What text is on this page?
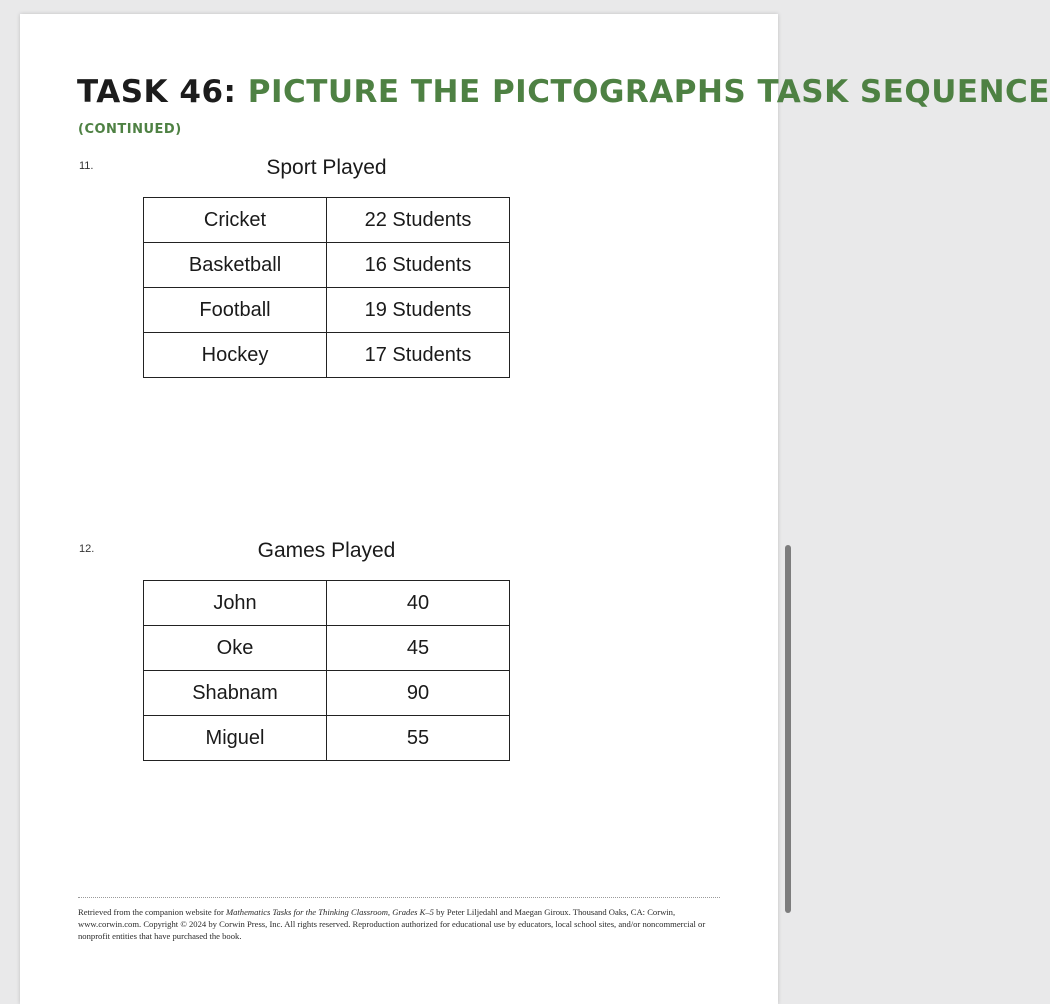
TASK 46: PICTURE THE PICTOGRAPHS TASK SEQUENCE
(CONTINUED)
11.	Sport Played
Cricket	22 Students
Basketball	16 Students
Football	19 Students
Hockey	17 Students
12.	Games Played
John	40
Oke	45
Shabnam	90
Miguel	55
Retrieved from the companion website for Mathematics Tasks for the Thinking Classroom, Grades K–5 by Peter Liljedahl and Maegan Giroux. Thousand Oaks, CA: Corwin, www.corwin.com. Copyright © 2024 by Corwin Press, Inc. All rights reserved. Reproduction authorized for educational use by educators, local school sites, and/or noncommercial or nonprofit entities that have purchased the book.
